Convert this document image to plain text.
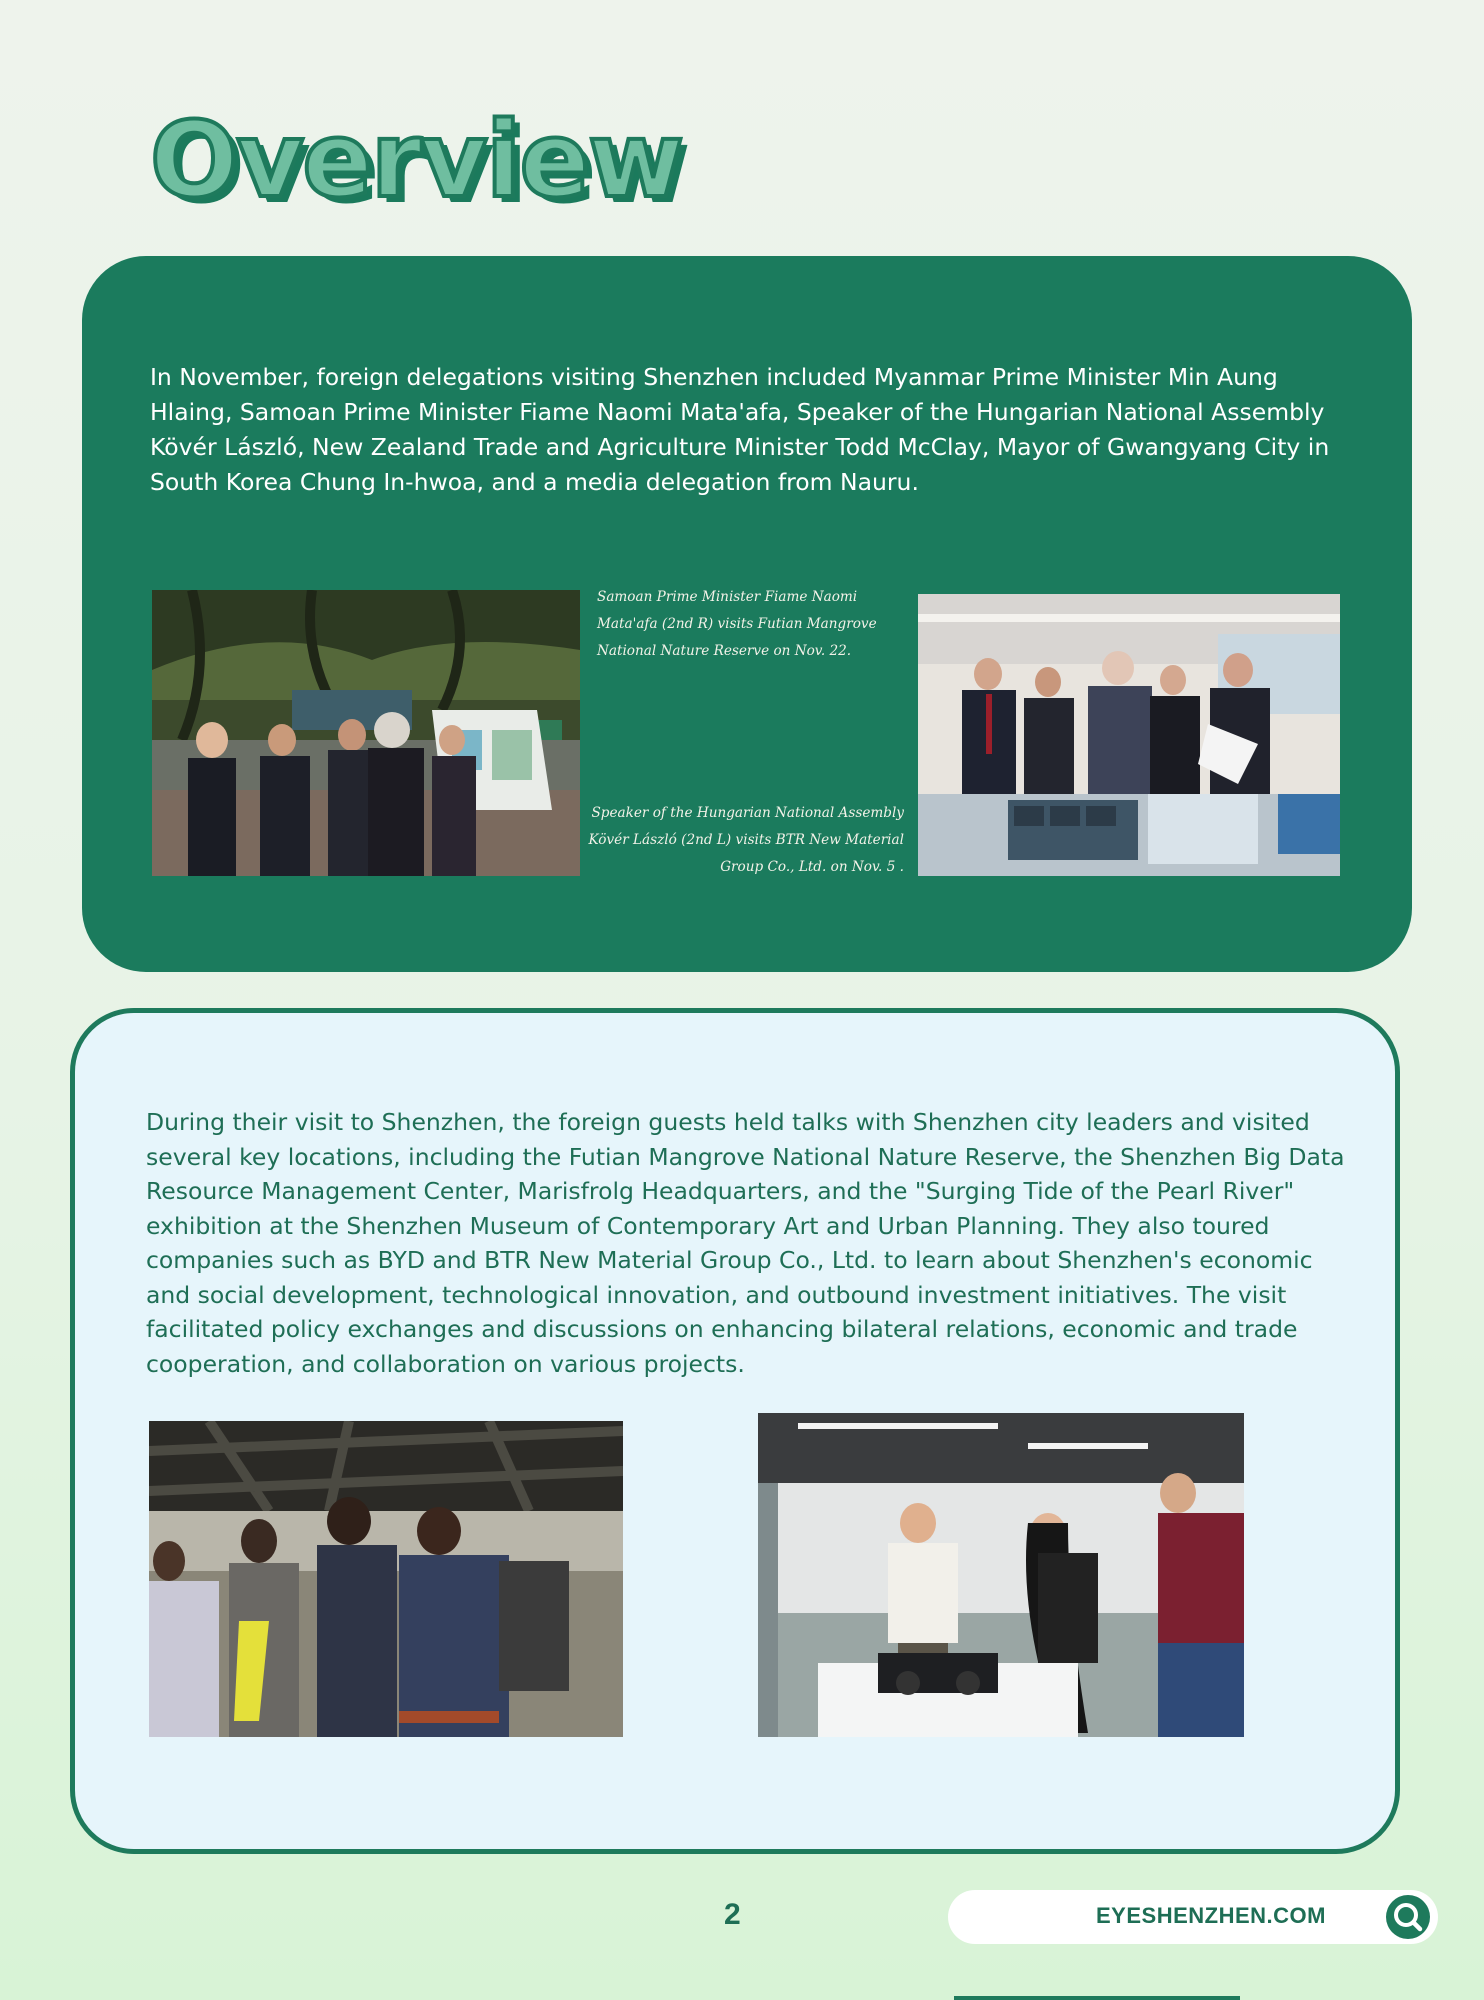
Overview
In November, foreign delegations visiting Shenzhen included Myanmar Prime Minister Min Aung Hlaing, Samoan Prime Minister Fiame Naomi Mata'afa, Speaker of the Hungarian National Assembly Kövér László, New Zealand Trade and Agriculture Minister Todd McClay, Mayor of Gwangyang City in South Korea Chung In-hwoa, and a media delegation from Nauru.
Samoan Prime Minister Fiame Naomi Mata'afa (2nd R) visits Futian Mangrove National Nature Reserve on Nov. 22.
Speaker of the Hungarian National Assembly Kövér László (2nd L) visits BTR New Material Group Co., Ltd. on Nov. 5 .
During their visit to Shenzhen, the foreign guests held talks with Shenzhen city leaders and visited several key locations, including the Futian Mangrove National Nature Reserve, the Shenzhen Big Data Resource Management Center, Marisfrolg Headquarters, and the "Surging Tide of the Pearl River" exhibition at the Shenzhen Museum of Contemporary Art and Urban Planning. They also toured companies such as BYD and BTR New Material Group Co., Ltd. to learn about Shenzhen's economic and social development, technological innovation, and outbound investment initiatives. The visit facilitated policy exchanges and discussions on enhancing bilateral relations, economic and trade cooperation, and collaboration on various projects.
2	EYESHENZHEN.COM
